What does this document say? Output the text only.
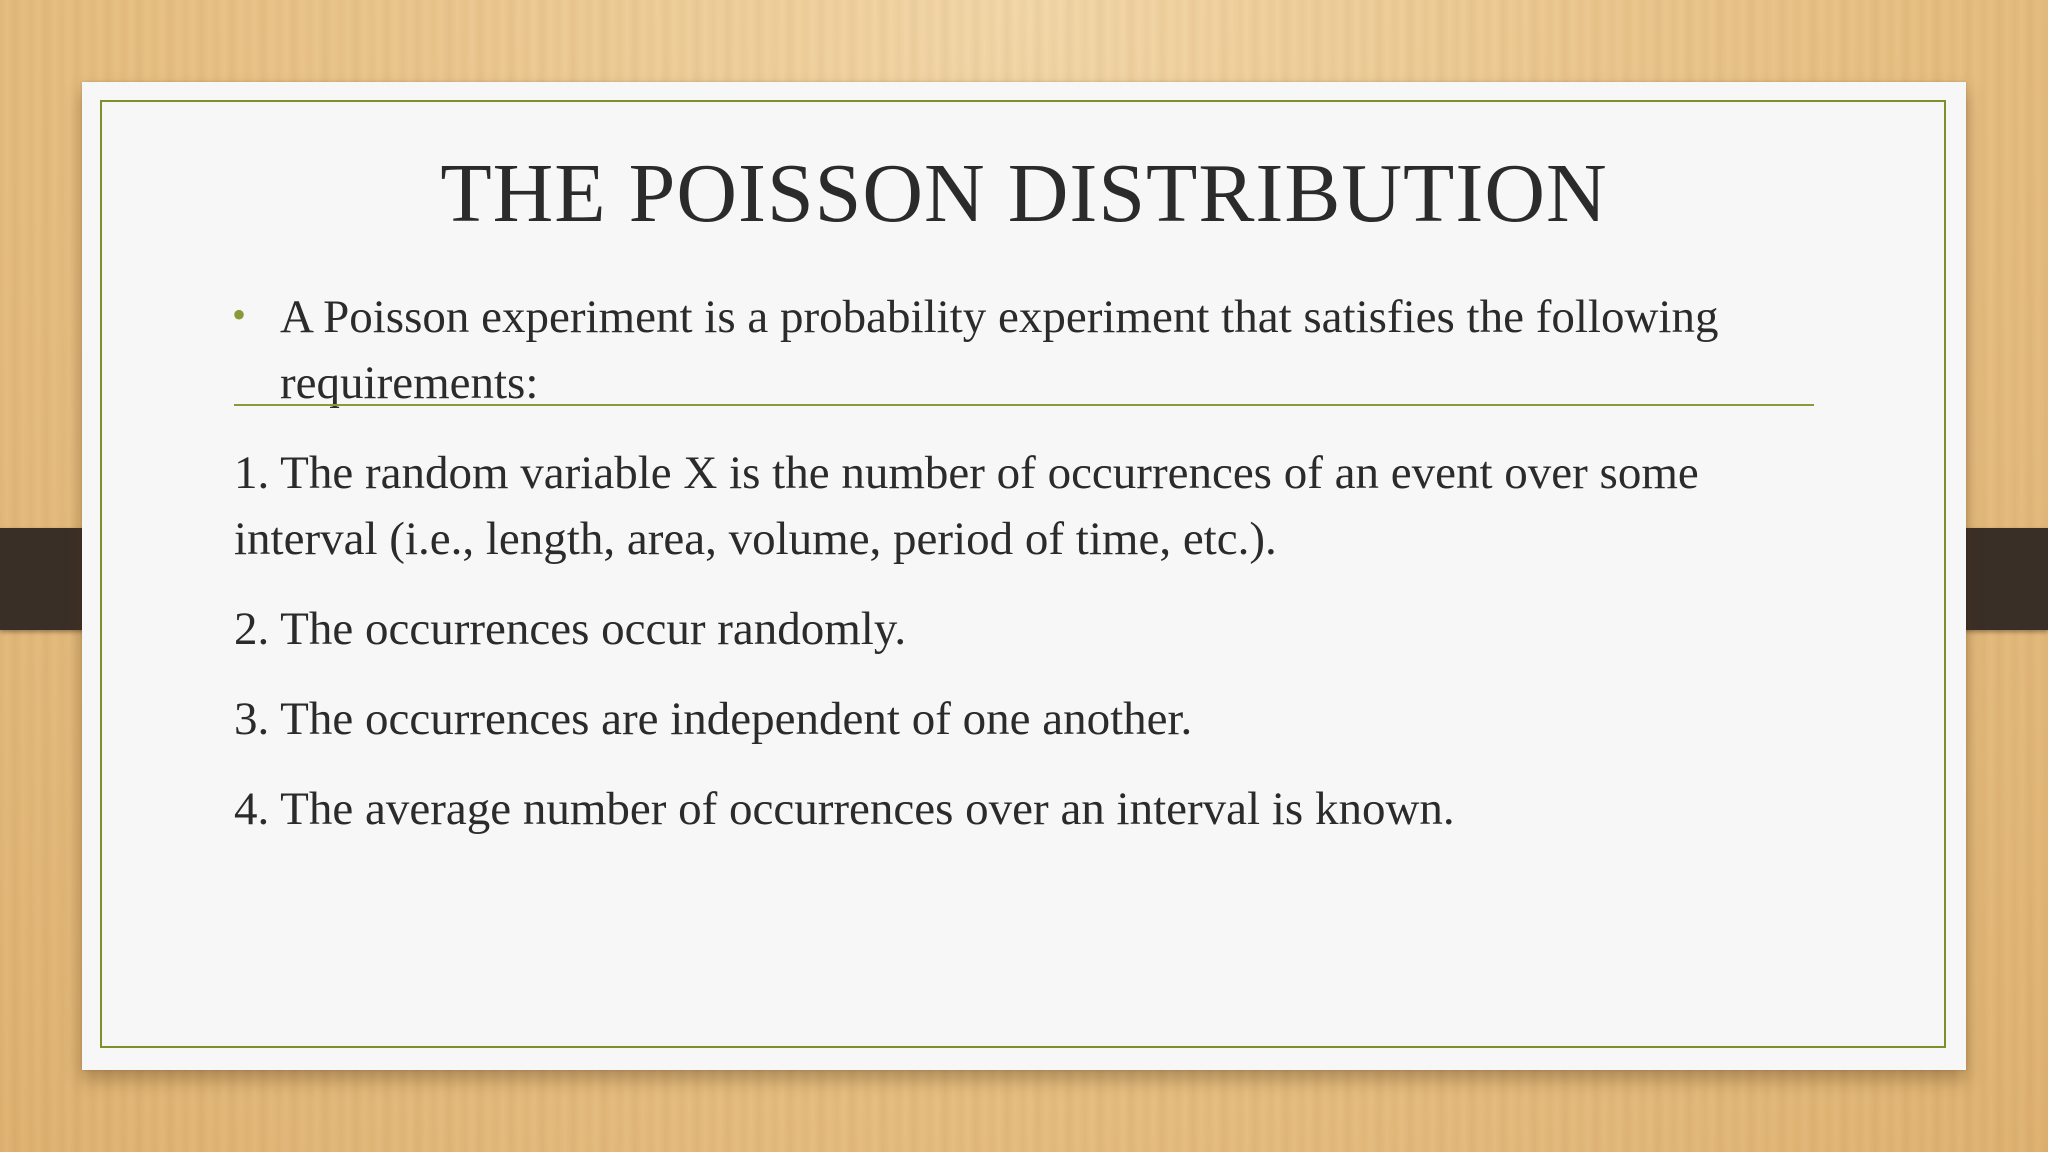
THE POISSON DISTRIBUTION
• A Poisson experiment is a probability experiment that satisfies the following requirements:
1. The random variable X is the number of occurrences of an event over some interval (i.e., length, area, volume, period of time, etc.).
2. The occurrences occur randomly.
3. The occurrences are independent of one another.
4. The average number of occurrences over an interval is known.
